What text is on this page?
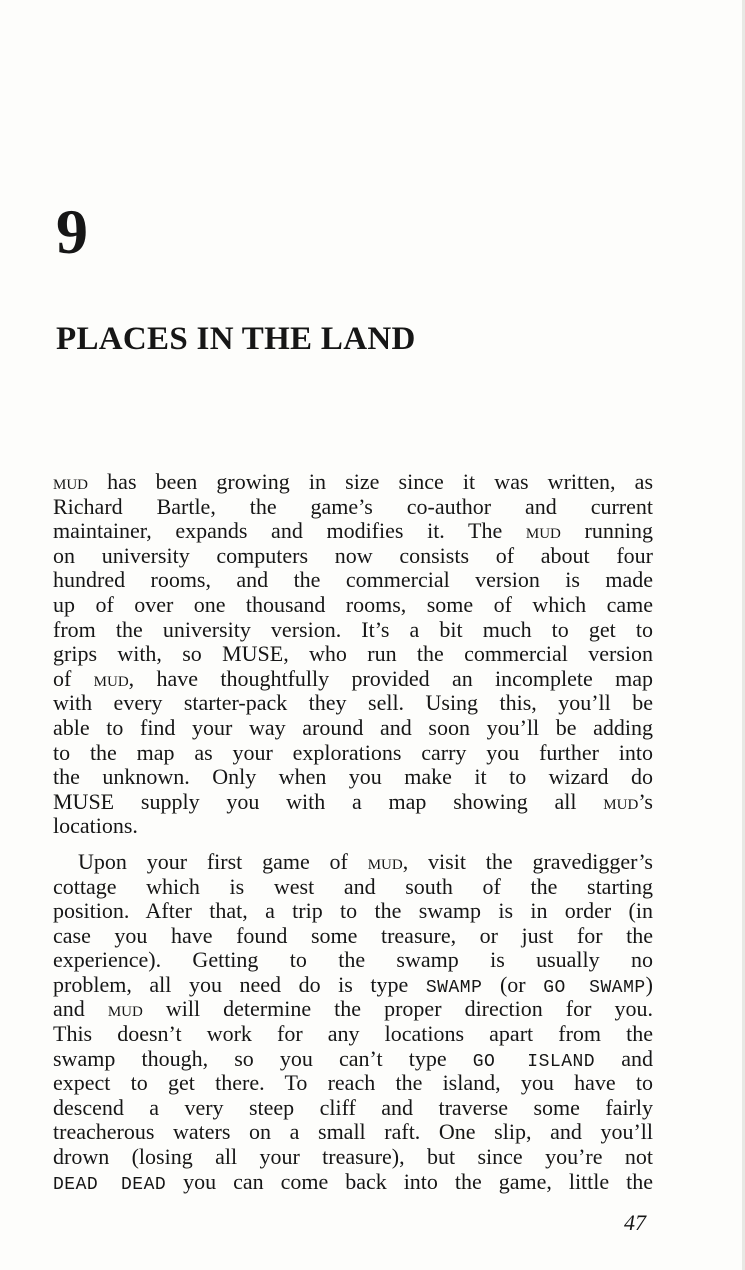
9
PLACES IN THE LAND
mud has been growing in size since it was written, as
Richard Bartle, the game’s co-author and current
maintainer, expands and modifies it. The mud running
on university computers now consists of about four
hundred rooms, and the commercial version is made
up of over one thousand rooms, some of which came
from the university version. It’s a bit much to get to
grips with, so MUSE, who run the commercial version
of mud, have thoughtfully provided an incomplete map
with every starter-pack they sell. Using this, you’ll be
able to find your way around and soon you’ll be adding
to the map as your explorations carry you further into
the unknown. Only when you make it to wizard do
MUSE supply you with a map showing all mud’s
locations.
Upon your first game of mud, visit the gravedigger’s
cottage which is west and south of the starting
position. After that, a trip to the swamp is in order (in
case you have found some treasure, or just for the
experience). Getting to the swamp is usually no
problem, all you need do is type SWAMP (or GO SWAMP)
and mud will determine the proper direction for you.
This doesn’t work for any locations apart from the
swamp though, so you can’t type GO ISLAND and
expect to get there. To reach the island, you have to
descend a very steep cliff and traverse some fairly
treacherous waters on a small raft. One slip, and you’ll
drown (losing all your treasure), but since you’re not
DEAD DEAD you can come back into the game, little the
47
